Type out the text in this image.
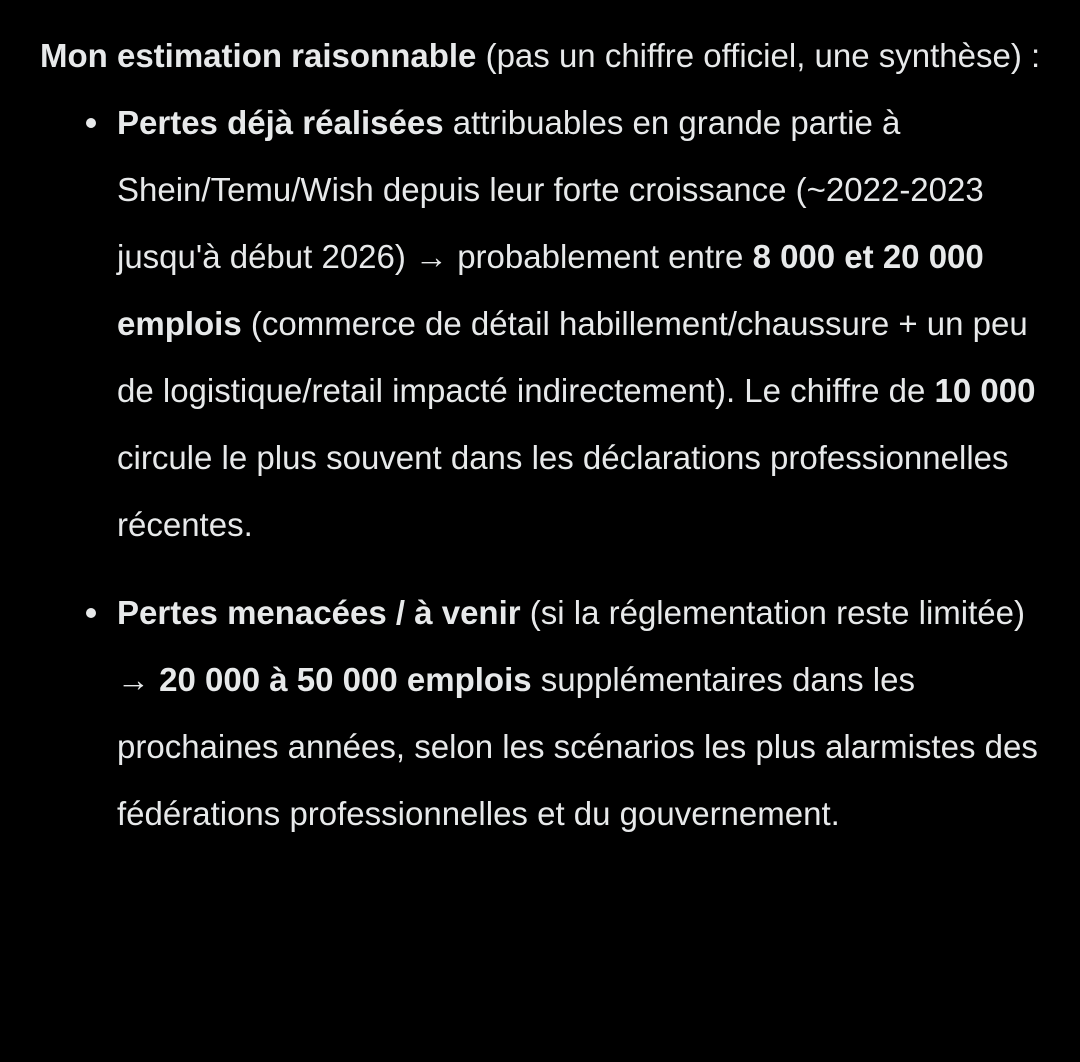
Mon estimation raisonnable (pas un chiffre officiel, une synthèse) :

Pertes déjà réalisées attribuables en grande partie à Shein/Temu/Wish depuis leur forte croissance (~2022-2023 jusqu'à début 2026) → probablement entre 8 000 et 20 000 emplois (commerce de détail habillement/chaussure + un peu de logistique/retail impacté indirectement). Le chiffre de 10 000 circule le plus souvent dans les déclarations professionnelles récentes.
Pertes menacées / à venir (si la réglementation reste limitée) → 20 000 à 50 000 emplois supplémentaires dans les prochaines années, selon les scénarios les plus alarmistes des fédérations professionnelles et du gouvernement.
